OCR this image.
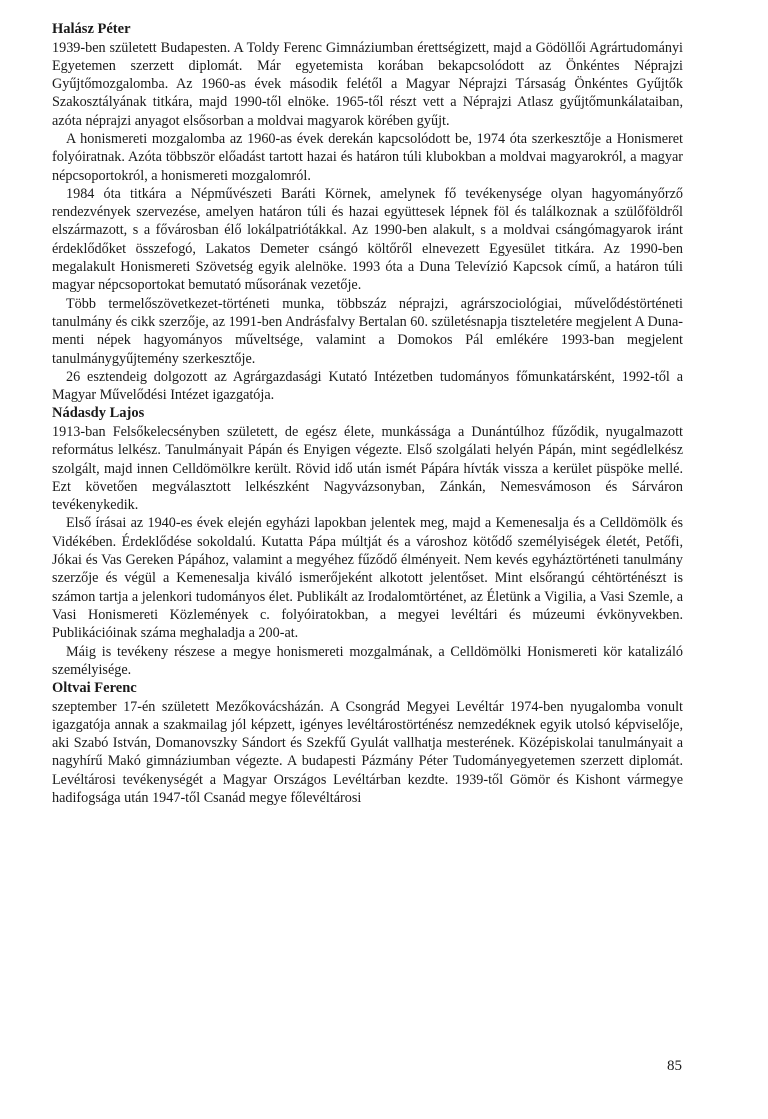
Halász Péter

1939-ben született Budapesten. A Toldy Ferenc Gimnáziumban érettségizett, majd a Gödöllői Agrártudományi Egyetemen szerzett diplomát. Már egyetemista korában bekapcsolódott az Önkéntes Néprajzi Gyűjtőmozgalomba. Az 1960-as évek második felétől a Magyar Néprajzi Társaság Önkéntes Gyűjtők Szakosztályának titkára, majd 1990-től elnöke. 1965-től részt vett a Néprajzi Atlasz gyűjtőmunkálataiban, azóta néprajzi anyagot elsősorban a moldvai magyarok körében gyűjt.

A honismereti mozgalomba az 1960-as évek derekán kapcsolódott be, 1974 óta szerkesztője a Honismeret folyóiratnak. Azóta többször előadást tartott hazai és határon túli klubokban a moldvai magyarokról, a magyar népcsoportokról, a honismereti mozgalomról.

1984 óta titkára a Népművészeti Baráti Körnek, amelynek fő tevékenysége olyan hagyományőrző rendezvények szervezése, amelyen határon túli és hazai együttesek lépnek föl és találkoznak a szülőföldről elszármazott, s a fővárosban élő lokálpatriótákkal. Az 1990-ben alakult, s a moldvai csángómagyarok iránt érdeklődőket összefogó, Lakatos Demeter csángó költőről elnevezett Egyesület titkára. Az 1990-ben megalakult Honismereti Szövetség egyik alelnöke. 1993 óta a Duna Televízió Kapcsok című, a határon túli magyar népcsoportokat bemutató műsorának vezetője.

Több termelőszövetkezet-történeti munka, többszáz néprajzi, agrárszociológiai, művelődéstörténeti tanulmány és cikk szerzője, az 1991-ben Andrásfalvy Bertalan 60. születésnapja tiszteletére megjelent A Duna-menti népek hagyományos műveltsége, valamint a Domokos Pál emlékére 1993-ban megjelent tanulmánygyűjtemény szerkesztője.

26 esztendeig dolgozott az Agrárgazdasági Kutató Intézetben tudományos főmunkatársként, 1992-től a Magyar Művelődési Intézet igazgatója.

Nádasdy Lajos

1913-ban Felsőkelecsényben született, de egész élete, munkássága a Dunántúlhoz fűződik, nyugalmazott református lelkész. Tanulmányait Pápán és Enyigen végezte. Első szolgálati helyén Pápán, mint segédlelkész szolgált, majd innen Celldömölkre került. Rövid idő után ismét Pápára hívták vissza a kerület püspöke mellé. Ezt követően megválasztott lelkészként Nagyvázsonyban, Zánkán, Nemesvámoson és Sárváron tevékenykedik.

Első írásai az 1940-es évek elején egyházi lapokban jelentek meg, majd a Kemenesalja és a Celldömölk és Vidékében. Érdeklődése sokoldalú. Kutatta Pápa múltját és a városhoz kötődő személyiségek életét, Petőfi, Jókai és Vas Gereken Pápához, valamint a megyéhez fűződő élményeit. Nem kevés egyháztörténeti tanulmány szerzője és végül a Kemenesalja kiváló ismerőjeként alkotott jelentőset. Mint elsőrangú céhtörténészt is számon tartja a jelenkori tudományos élet. Publikált az Irodalomtörténet, az Életünk a Vigilia, a Vasi Szemle, a Vasi Honismereti Közlemények c. folyóiratokban, a megyei levéltári és múzeumi évkönyvekben. Publikációinak száma meghaladja a 200-at.

Máig is tevékeny részese a megye honismereti mozgalmának, a Celldömölki Honismereti kör katalizáló személyisége.

Oltvai Ferenc

szeptember 17-én született Mezőkovácsházán. A Csongrád Megyei Levéltár 1974-ben nyugalomba vonult igazgatója annak a szakmailag jól képzett, igényes levéltárostörténész nemzedéknek egyik utolsó képviselője, aki Szabó István, Domanovszky Sándort és Szekfű Gyulát vallhatja mesterének. Középiskolai tanulmányait a nagyhírű Makó gimnáziumban végezte. A budapesti Pázmány Péter Tudományegyetemen szerzett diplomát. Levéltárosi tevékenységét a Magyar Országos Levéltárban kezdte. 1939-től Gömör és Kishont vármegye hadifogsága után 1947-től Csanád megye főlevéltárosi

85
